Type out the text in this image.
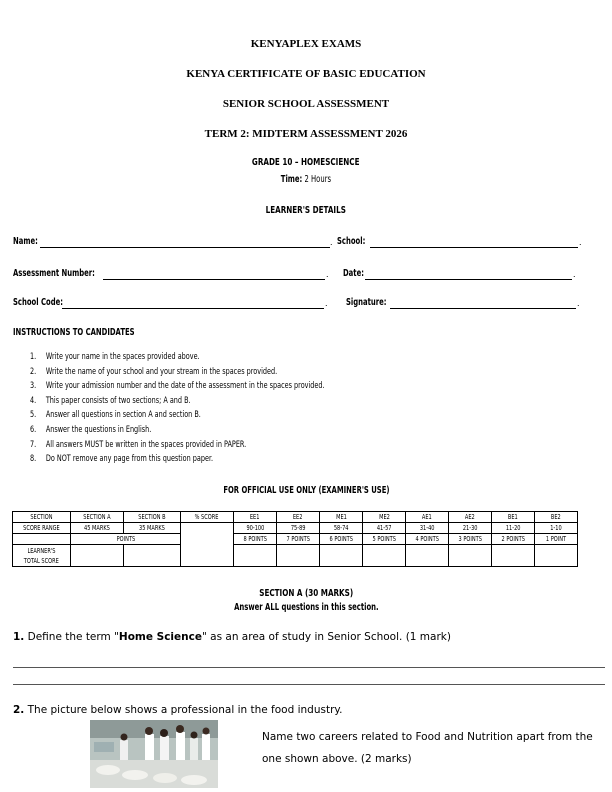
KENYAPLEX EXAMS
KENYA CERTIFICATE OF BASIC EDUCATION
SENIOR SCHOOL ASSESSMENT
TERM 2: MIDTERM ASSESSMENT 2026
GRADE 10 – HOMESCIENCE
Time: 2 Hours
LEARNER'S DETAILS
Name:	. School:	.
Assessment Number:	. Date:	.
School Code:	. Signature:	.
INSTRUCTIONS TO CANDIDATES
1. Write your name in the spaces provided above.
2. Write the name of your school and your stream in the spaces provided.
3. Write your admission number and the date of the assessment in the spaces provided.
4. This paper consists of two sections; A and B.
5. Answer all questions in section A and section B.
6. Answer the questions in English.
7. All answers MUST be written in the spaces provided in PAPER.
8. Do NOT remove any page from this question paper.
FOR OFFICIAL USE ONLY (EXAMINER'S USE)
SECTION	SECTION A	SECTION B	% SCORE	EE1	EE2	ME1	ME2	AE1	AE2	BE1	BE2
SCORE RANGE	45 MARKS	35 MARKS		90-100	75-89	58-74	41-57	31-40	21-30	11-20	1-10
	POINTS			8 POINTS	7 POINTS	6 POINTS	5 POINTS	4 POINTS	3 POINTS	2 POINTS	1 POINT
LEARNER'S
TOTAL SCORE											
SECTION A (30 MARKS)
Answer ALL questions in this section.
1. Define the term "Home Science" as an area of study in Senior School. (1 mark)
2. The picture below shows a professional in the food industry.
Name two careers related to Food and Nutrition apart from the
one shown above. (2 marks)
